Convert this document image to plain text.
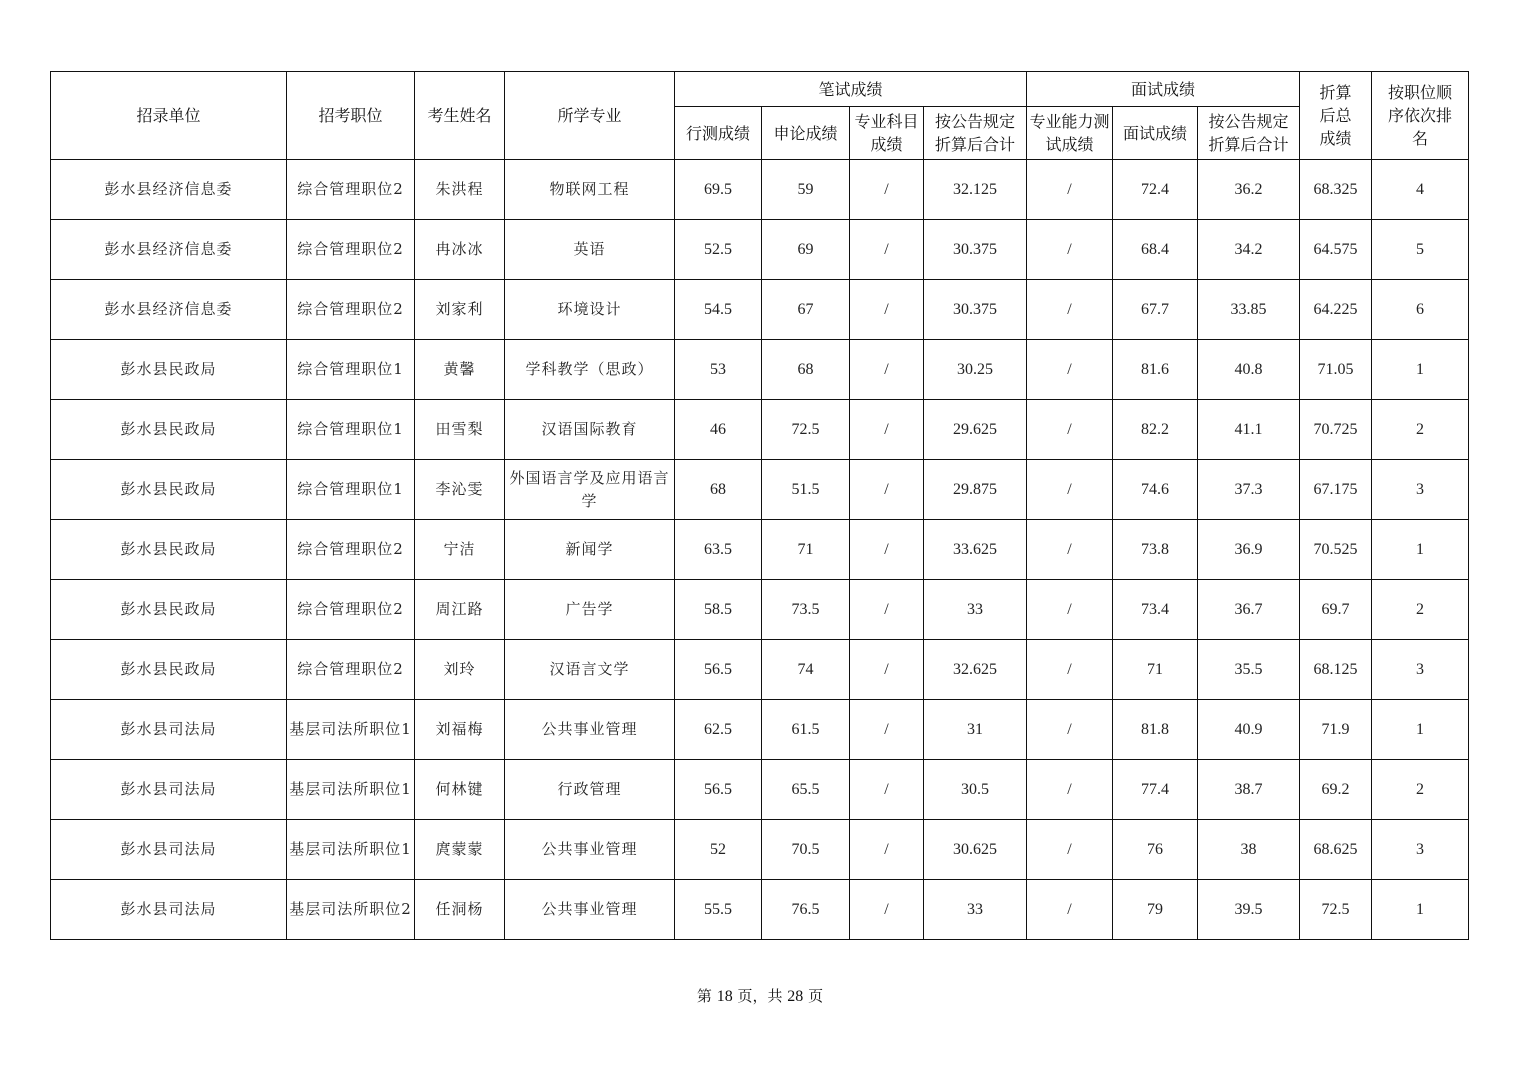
招录单位	招考职位	考生姓名	所学专业	笔试成绩				面试成绩			折算后总成绩	按职位顺序依次排名
				行测成绩	申论成绩	专业科目成绩	按公告规定折算后合计	专业能力测试成绩	面试成绩	按公告规定折算后合计		
彭水县经济信息委	综合管理职位2	朱洪程	物联网工程	69.5	59	/	32.125	/	72.4	36.2	68.325	4
彭水县经济信息委	综合管理职位2	冉冰冰	英语	52.5	69	/	30.375	/	68.4	34.2	64.575	5
彭水县经济信息委	综合管理职位2	刘家利	环境设计	54.5	67	/	30.375	/	67.7	33.85	64.225	6
彭水县民政局	综合管理职位1	黄馨	学科教学（思政）	53	68	/	30.25	/	81.6	40.8	71.05	1
彭水县民政局	综合管理职位1	田雪梨	汉语国际教育	46	72.5	/	29.625	/	82.2	41.1	70.725	2
彭水县民政局	综合管理职位1	李沁雯	外国语言学及应用语言学	68	51.5	/	29.875	/	74.6	37.3	67.175	3
彭水县民政局	综合管理职位2	宁洁	新闻学	63.5	71	/	33.625	/	73.8	36.9	70.525	1
彭水县民政局	综合管理职位2	周江路	广告学	58.5	73.5	/	33	/	73.4	36.7	69.7	2
彭水县民政局	综合管理职位2	刘玲	汉语言文学	56.5	74	/	32.625	/	71	35.5	68.125	3
彭水县司法局	基层司法所职位1	刘福梅	公共事业管理	62.5	61.5	/	31	/	81.8	40.9	71.9	1
彭水县司法局	基层司法所职位1	何林键	行政管理	56.5	65.5	/	30.5	/	77.4	38.7	69.2	2
彭水县司法局	基层司法所职位1	庹蒙蒙	公共事业管理	52	70.5	/	30.625	/	76	38	68.625	3
彭水县司法局	基层司法所职位2	任洞杨	公共事业管理	55.5	76.5	/	33	/	79	39.5	72.5	1
第 18 页，共 28 页
